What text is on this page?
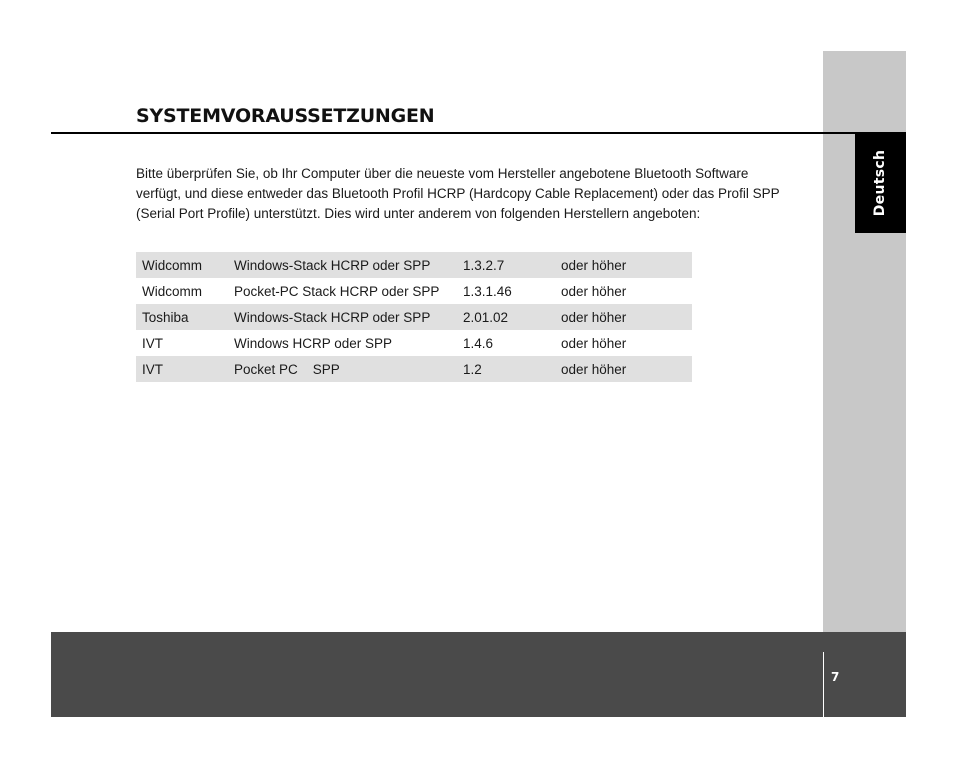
Deutsch
SYSTEMVORAUSSETZUNGEN

Bitte überprüfen Sie, ob Ihr Computer über die neueste vom Hersteller angebotene Bluetooth Software
verfügt, und diese entweder das Bluetooth Profil HCRP (Hardcopy Cable Replacement) oder das Profil SPP
(Serial Port Profile) unterstützt. Dies wird unter anderem von folgenden Herstellern angeboten:

Widcomm	Windows-Stack HCRP oder SPP	1.3.2.7	oder höher
Widcomm	Pocket-PC Stack HCRP oder SPP	1.3.1.46	oder höher
Toshiba	Windows-Stack HCRP oder SPP	2.01.02	oder höher
IVT	Windows HCRP oder SPP	1.4.6	oder höher
IVT	Pocket PC    SPP	1.2	oder höher
7
